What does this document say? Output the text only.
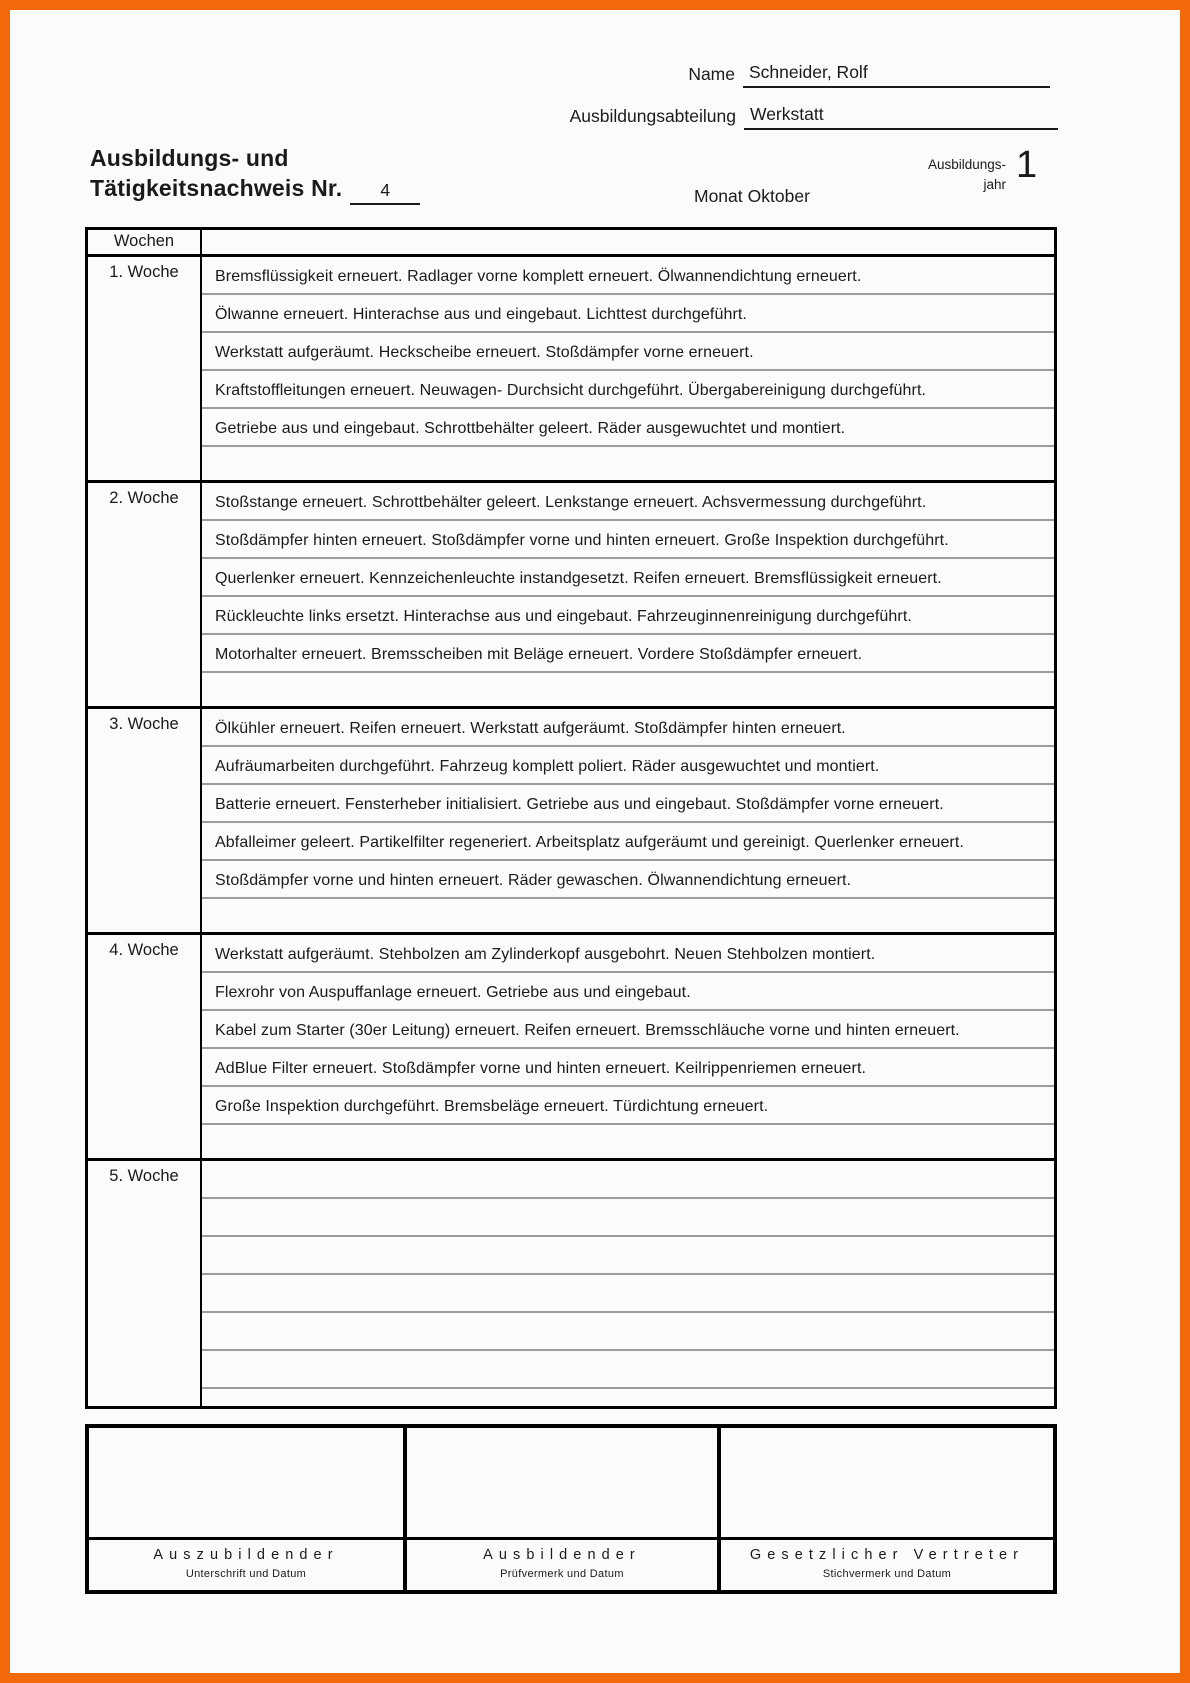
Name Schneider, Rolf
Ausbildungsabteilung Werkstatt
Ausbildungs- und
Tätigkeitsnachweis Nr. 4	Monat Oktober
Ausbildungs-
jahr 1
Wochen
1. Woche	Bremsflüssigkeit erneuert. Radlager vorne komplett erneuert. Ölwannendichtung erneuert.
Ölwanne erneuert. Hinterachse aus und eingebaut. Lichttest durchgeführt.
Werkstatt aufgeräumt. Heckscheibe erneuert. Stoßdämpfer vorne erneuert.
Kraftstoffleitungen erneuert. Neuwagen- Durchsicht durchgeführt. Übergabereinigung durchgeführt.
Getriebe aus und eingebaut. Schrottbehälter geleert. Räder ausgewuchtet und montiert.
2. Woche	Stoßstange erneuert. Schrottbehälter geleert. Lenkstange erneuert. Achsvermessung durchgeführt.
Stoßdämpfer hinten erneuert. Stoßdämpfer vorne und hinten erneuert. Große Inspektion durchgeführt.
Querlenker erneuert. Kennzeichenleuchte instandgesetzt. Reifen erneuert. Bremsflüssigkeit erneuert.
Rückleuchte links ersetzt. Hinterachse aus und eingebaut. Fahrzeuginnenreinigung durchgeführt.
Motorhalter erneuert. Bremsscheiben mit Beläge erneuert. Vordere Stoßdämpfer erneuert.
3. Woche	Ölkühler erneuert. Reifen erneuert. Werkstatt aufgeräumt. Stoßdämpfer hinten erneuert.
Aufräumarbeiten durchgeführt. Fahrzeug komplett poliert. Räder ausgewuchtet und montiert.
Batterie erneuert. Fensterheber initialisiert. Getriebe aus und eingebaut. Stoßdämpfer vorne erneuert.
Abfalleimer geleert. Partikelfilter regeneriert. Arbeitsplatz aufgeräumt und gereinigt. Querlenker erneuert.
Stoßdämpfer vorne und hinten erneuert. Räder gewaschen. Ölwannendichtung erneuert.
4. Woche	Werkstatt aufgeräumt. Stehbolzen am Zylinderkopf ausgebohrt. Neuen Stehbolzen montiert.
Flexrohr von Auspuffanlage erneuert. Getriebe aus und eingebaut.
Kabel zum Starter (30er Leitung) erneuert. Reifen erneuert. Bremsschläuche vorne und hinten erneuert.
AdBlue Filter erneuert. Stoßdämpfer vorne und hinten erneuert. Keilrippenriemen erneuert.
Große Inspektion durchgeführt. Bremsbeläge erneuert. Türdichtung erneuert.
5. Woche
Auszubildender
Unterschrift und Datum
Ausbildender
Prüfvermerk und Datum
Gesetzlicher Vertreter
Stichvermerk und Datum
